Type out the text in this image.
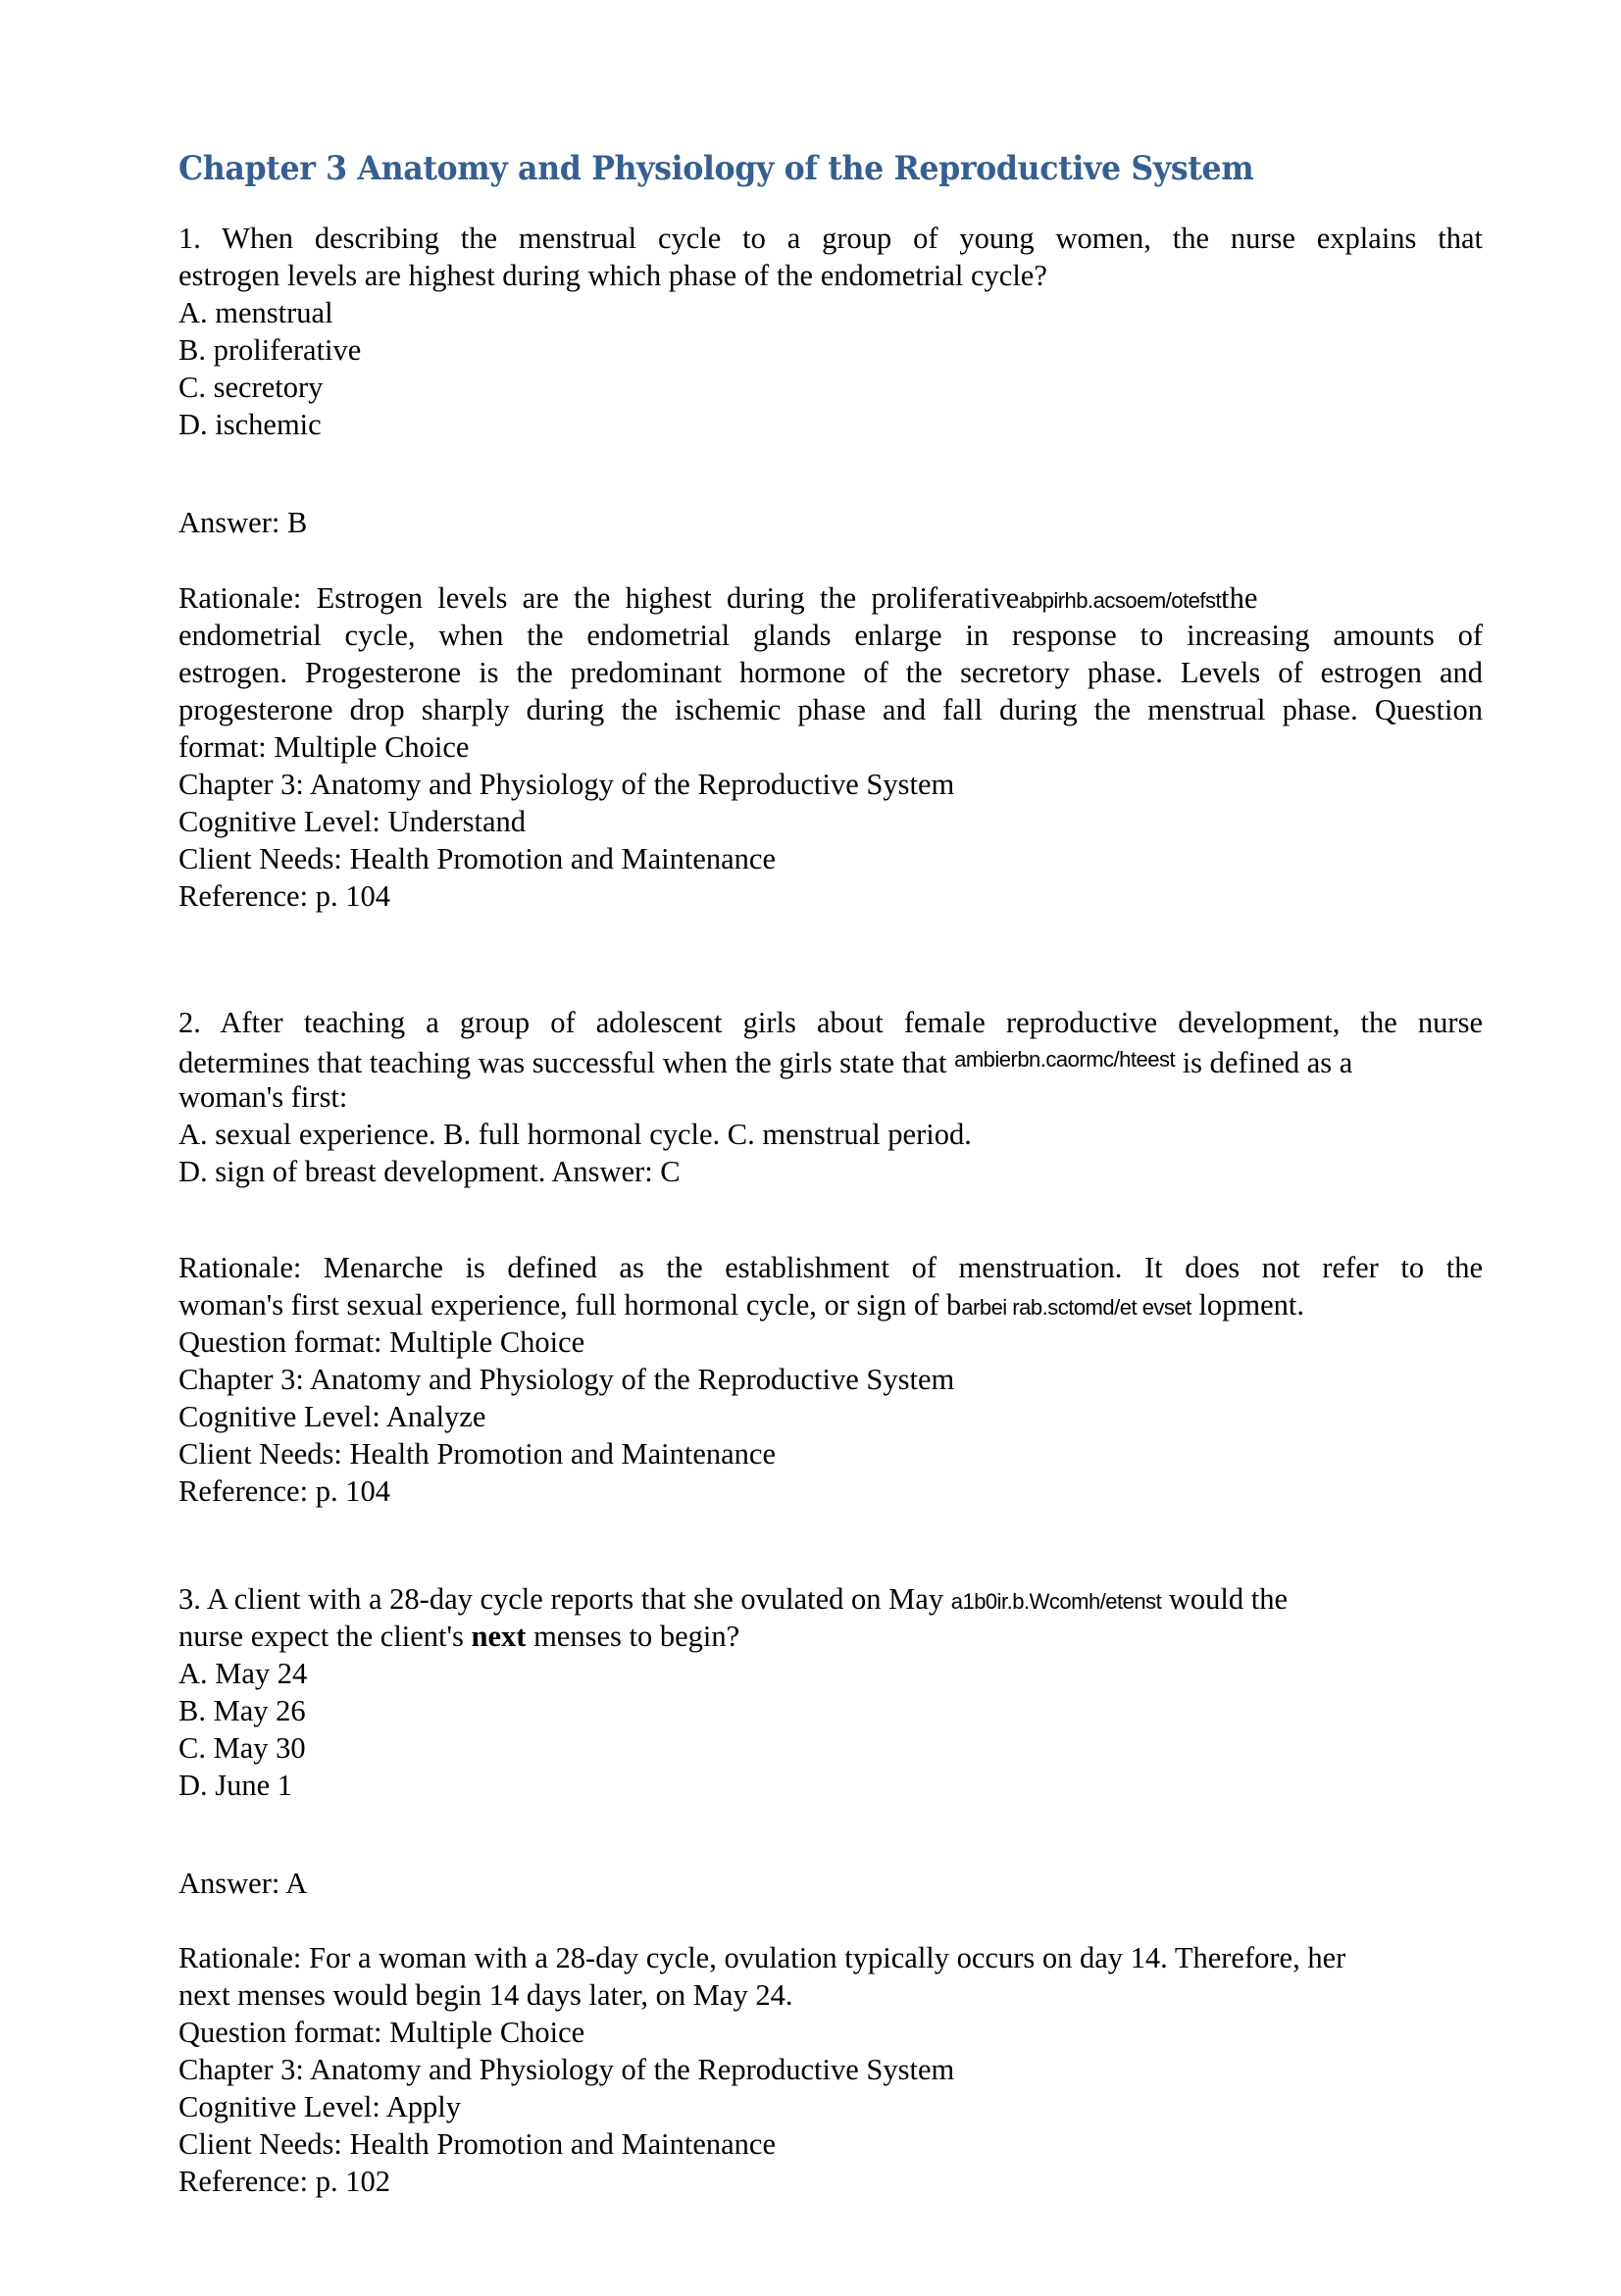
Chapter 3 Anatomy and Physiology of the Reproductive System
1. When describing the menstrual cycle to a group of young women, the nurse explains that
estrogen levels are highest during which phase of the endometrial cycle?
A. menstrual
B. proliferative
C. secretory
D. ischemic
Answer: B
Rationale:  Estrogen  levels  are  the  highest  during  the  proliferativeabpirhb.acsoem/otefstthe
endometrial cycle, when the endometrial glands enlarge in response to increasing amounts of
estrogen. Progesterone is the predominant hormone of the secretory phase. Levels of estrogen and
progesterone drop sharply during the ischemic phase and fall during the menstrual phase. Question
format: Multiple Choice
Chapter 3: Anatomy and Physiology of the Reproductive System
Cognitive Level: Understand
Client Needs: Health Promotion and Maintenance
Reference: p. 104
2. After teaching a group of adolescent girls about female reproductive development, the nurse
determines that teaching was successful when the girls state that ambierbn.caormc/hteest is defined as a
woman's first:
A. sexual experience. B. full hormonal cycle. C. menstrual period.
D. sign of breast development. Answer: C
Rationale: Menarche is defined as the establishment of menstruation. It does not refer to the
woman's first sexual experience, full hormonal cycle, or sign of barbei rab.sctomd/et evset lopment.
Question format: Multiple Choice
Chapter 3: Anatomy and Physiology of the Reproductive System
Cognitive Level: Analyze
Client Needs: Health Promotion and Maintenance
Reference: p. 104
3. A client with a 28-day cycle reports that she ovulated on May a1b0ir.b.Wcomh/etenst would the
nurse expect the client's next menses to begin?
A. May 24
B. May 26
C. May 30
D. June 1
Answer: A
Rationale: For a woman with a 28-day cycle, ovulation typically occurs on day 14. Therefore, her
next menses would begin 14 days later, on May 24.
Question format: Multiple Choice
Chapter 3: Anatomy and Physiology of the Reproductive System
Cognitive Level: Apply
Client Needs: Health Promotion and Maintenance
Reference: p. 102
